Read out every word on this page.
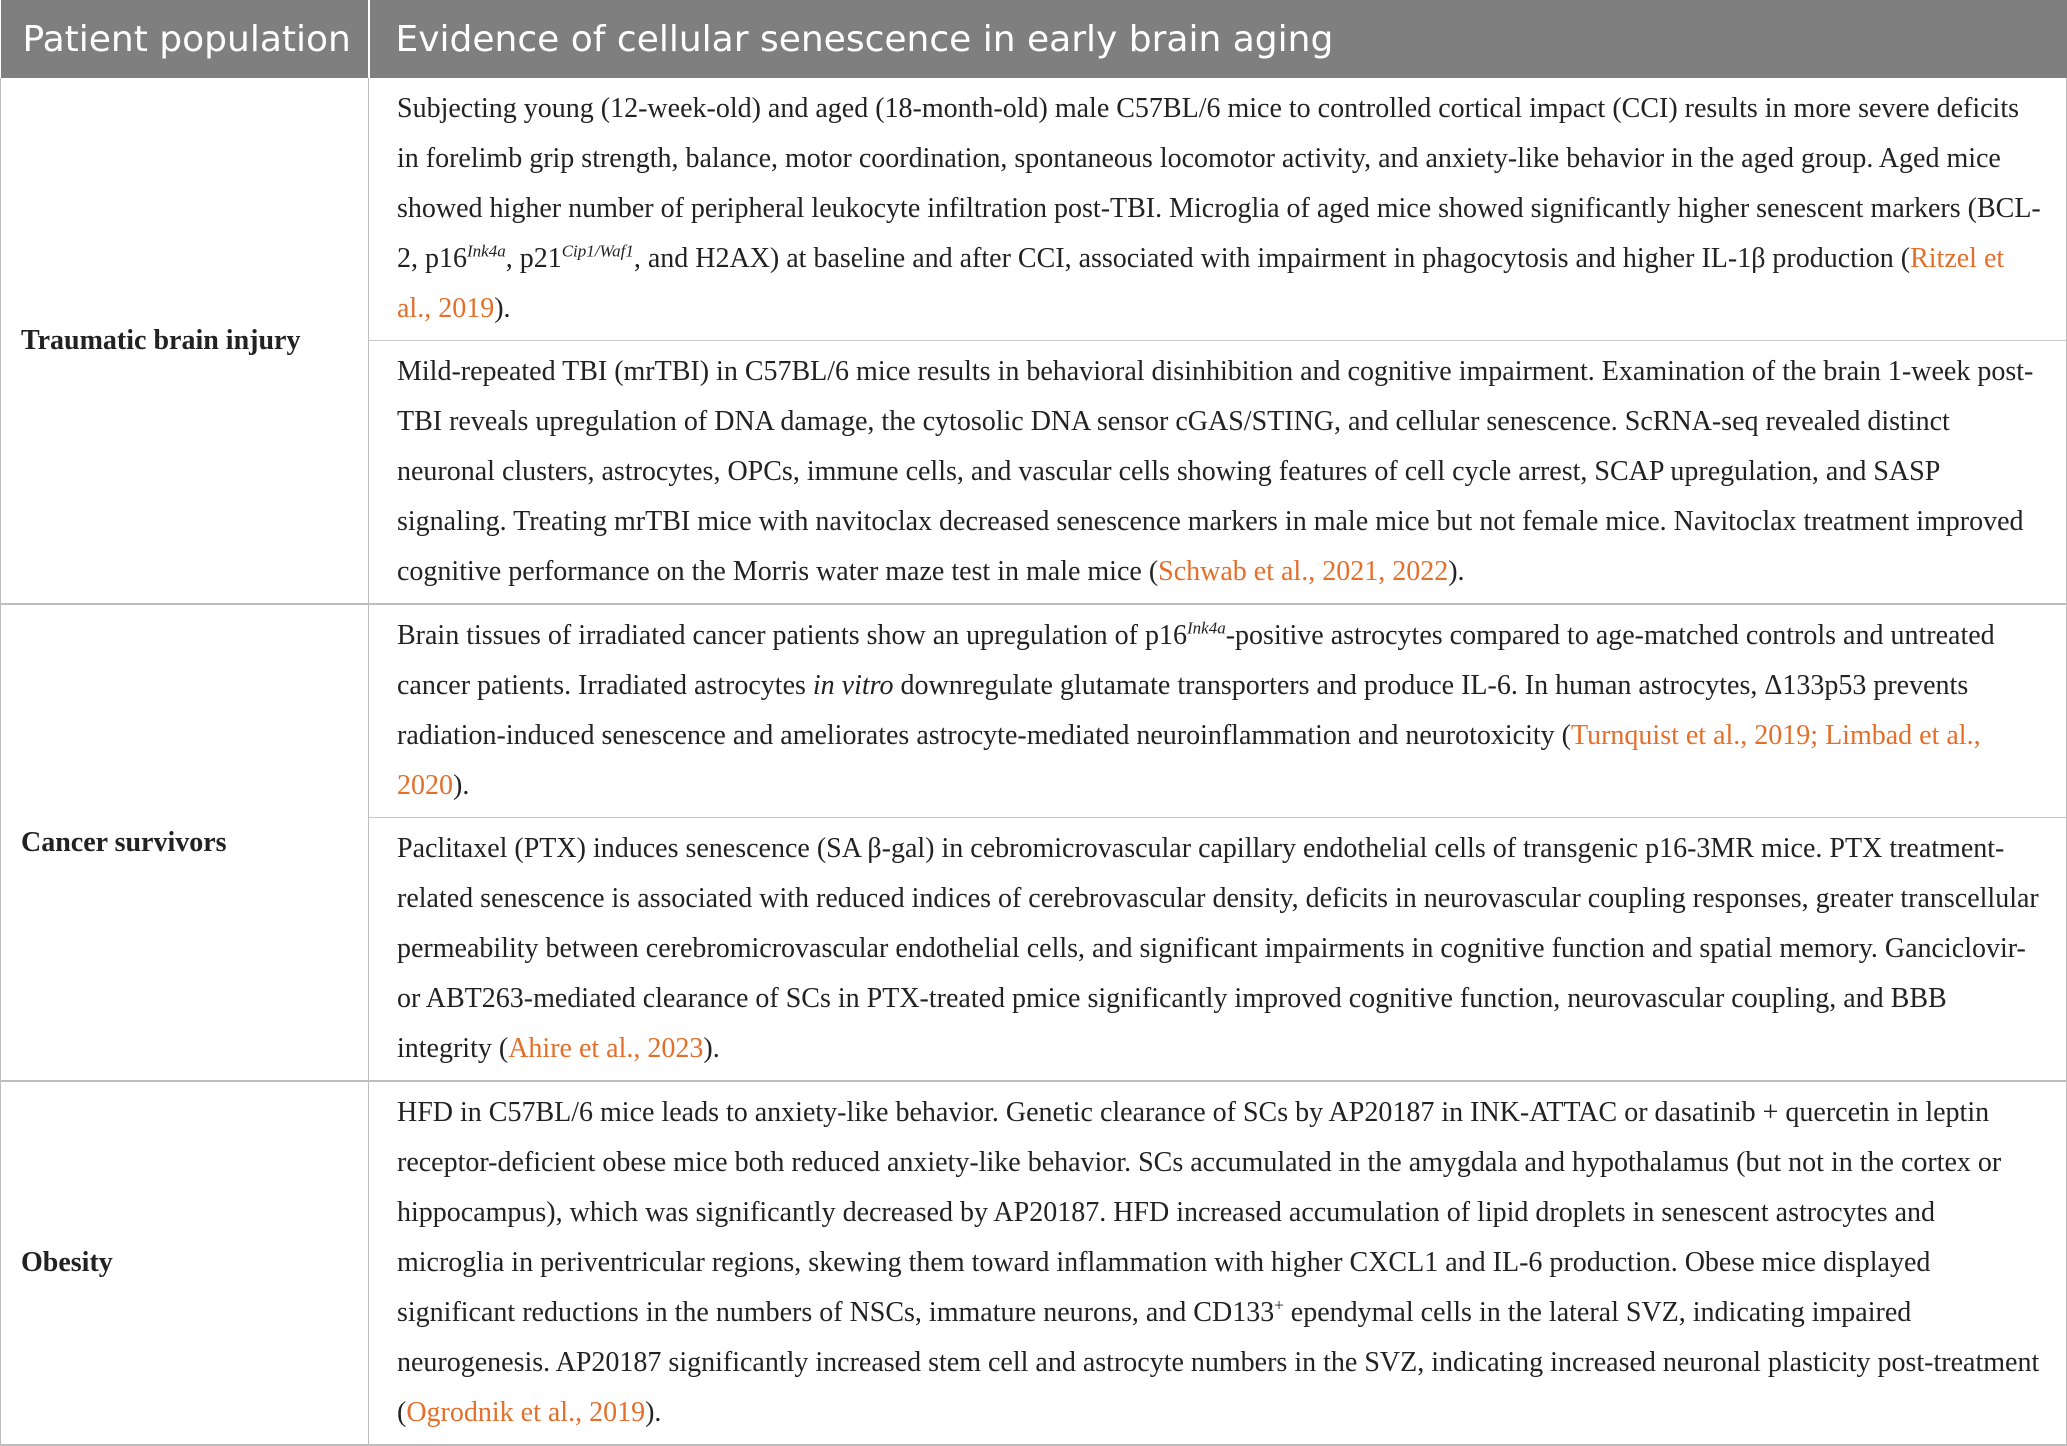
Patient population	Evidence of cellular senescence in early brain aging
Traumatic brain injury	Subjecting young (12-week-old) and aged (18-month-old) male C57BL/6 mice to controlled cortical impact (CCI) results in more severe deficits in forelimb grip strength, balance, motor coordination, spontaneous locomotor activity, and anxiety-like behavior in the aged group. Aged mice showed higher number of peripheral leukocyte infiltration post-TBI. Microglia of aged mice showed significantly higher senescent markers (BCL-2, $p16^{Ink4a}$, $p21^{Cip1/Waf1}$, and H2AX) at baseline and after CCI, associated with impairment in phagocytosis and higher IL-1β production (Ritzel et al., 2019).
	Mild-repeated TBI (mrTBI) in C57BL/6 mice results in behavioral disinhibition and cognitive impairment. Examination of the brain 1-week post-TBI reveals upregulation of DNA damage, the cytosolic DNA sensor cGAS/STING, and cellular senescence. ScRNA-seq revealed distinct neuronal clusters, astrocytes, OPCs, immune cells, and vascular cells showing features of cell cycle arrest, SCAP upregulation, and SASP signaling. Treating mrTBI mice with navitoclax decreased senescence markers in male mice but not female mice. Navitoclax treatment improved cognitive performance on the Morris water maze test in male mice (Schwab et al., 2021, 2022).
Cancer survivors	Brain tissues of irradiated cancer patients show an upregulation of $p16^{Ink4a}$-positive astrocytes compared to age-matched controls and untreated cancer patients. Irradiated astrocytes in vitro downregulate glutamate transporters and produce IL-6. In human astrocytes, Δ133p53 prevents radiation-induced senescence and ameliorates astrocyte-mediated neuroinflammation and neurotoxicity (Turnquist et al., 2019; Limbad et al., 2020).
	Paclitaxel (PTX) induces senescence (SA β-gal) in cebromicrovascular capillary endothelial cells of transgenic p16-3MR mice. PTX treatment-related senescence is associated with reduced indices of cerebrovascular density, deficits in neurovascular coupling responses, greater transcellular permeability between cerebromicrovascular endothelial cells, and significant impairments in cognitive function and spatial memory. Ganciclovir-or ABT263-mediated clearance of SCs in PTX-treated pmice significantly improved cognitive function, neurovascular coupling, and BBB integrity (Ahire et al., 2023).
Obesity	HFD in C57BL/6 mice leads to anxiety-like behavior. Genetic clearance of SCs by AP20187 in INK-ATTAC or dasatinib + quercetin in leptin receptor-deficient obese mice both reduced anxiety-like behavior. SCs accumulated in the amygdala and hypothalamus (but not in the cortex or hippocampus), which was significantly decreased by AP20187. HFD increased accumulation of lipid droplets in senescent astrocytes and microglia in periventricular regions, skewing them toward inflammation with higher CXCL1 and IL-6 production. Obese mice displayed significant reductions in the numbers of NSCs, immature neurons, and CD133+ ependymal cells in the lateral SVZ, indicating impaired neurogenesis. AP20187 significantly increased stem cell and astrocyte numbers in the SVZ, indicating increased neuronal plasticity post-treatment (Ogrodnik et al., 2019).
